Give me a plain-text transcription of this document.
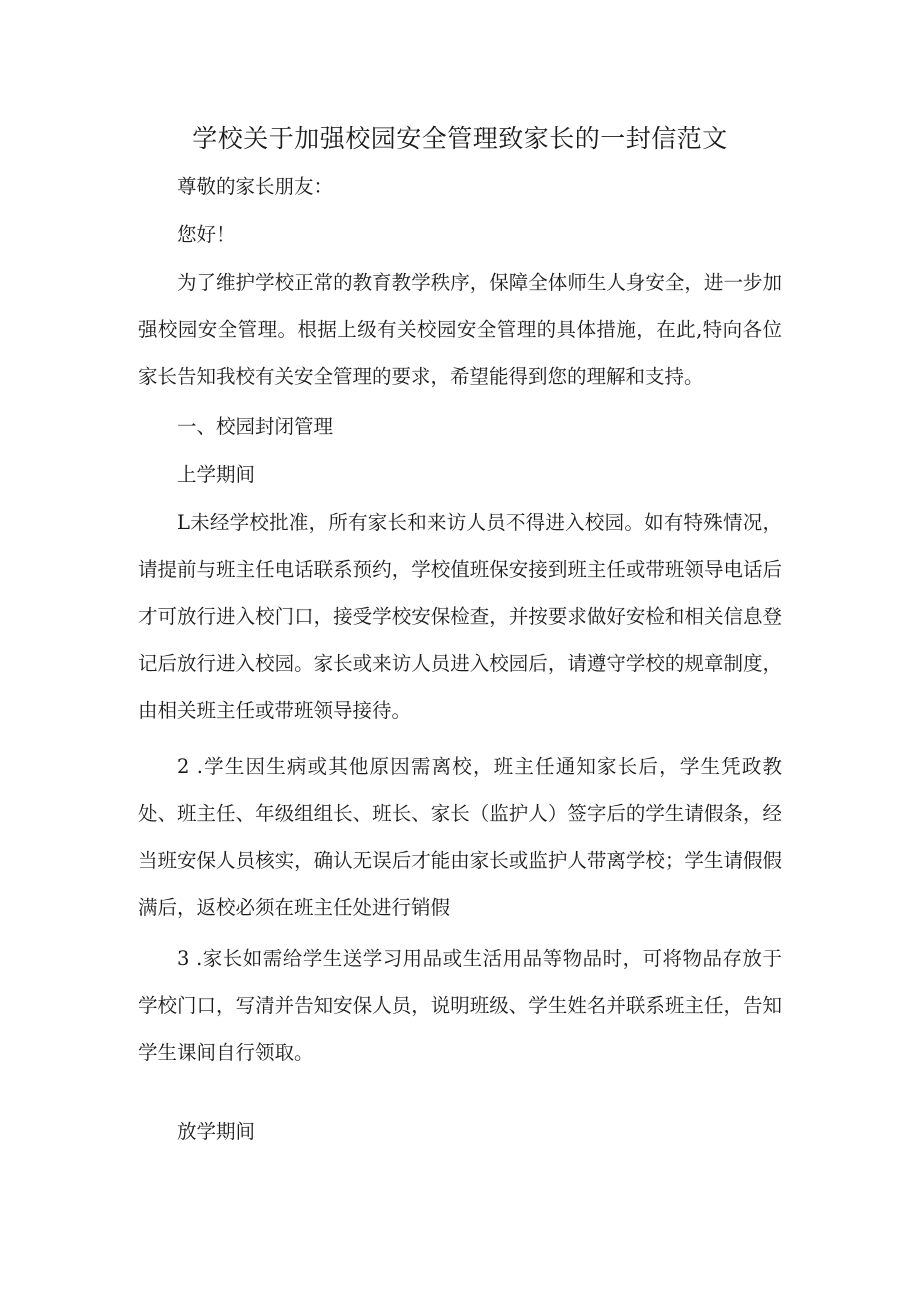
学校关于加强校园安全管理致家长的一封信范文

尊敬的家长朋友：

您好！

为了维护学校正常的教育教学秩序，保障全体师生人身安全，进一步加强校园安全管理。根据上级有关校园安全管理的具体措施，在此,特向各位家长告知我校有关安全管理的要求，希望能得到您的理解和支持。

一、校园封闭管理

上学期间

L未经学校批准，所有家长和来访人员不得进入校园。如有特殊情况，请提前与班主任电话联系预约，学校值班保安接到班主任或带班领导电话后才可放行进入校门口，接受学校安保检查，并按要求做好安检和相关信息登记后放行进入校园。家长或来访人员进入校园后，请遵守学校的规章制度，由相关班主任或带班领导接待。

2 .学生因生病或其他原因需离校，班主任通知家长后，学生凭政教处、班主任、年级组组长、班长、家长（监护人）签字后的学生请假条，经当班安保人员核实，确认无误后才能由家长或监护人带离学校；学生请假假满后，返校必须在班主任处进行销假

3 .家长如需给学生送学习用品或生活用品等物品时，可将物品存放于学校门口，写清并告知安保人员，说明班级、学生姓名并联系班主任，告知学生课间自行领取。

放学期间
